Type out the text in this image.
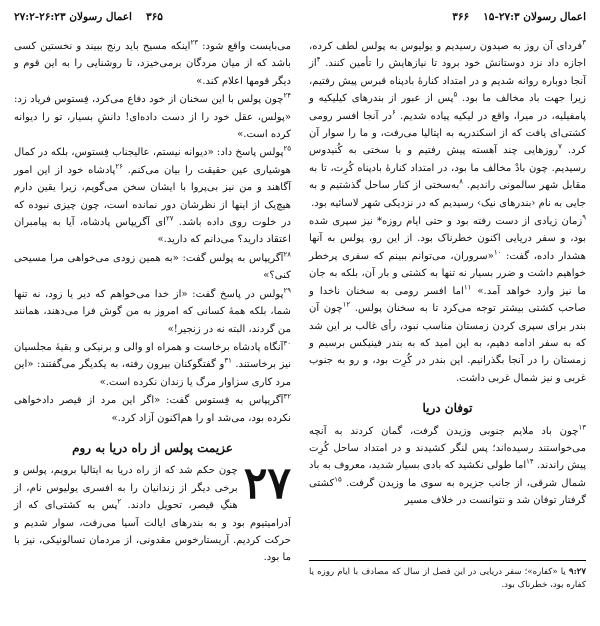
اعمال رسولان ۲۷:۳-۱۵
۳۶۶
۳۶۵
اعمال رسولان ۲۶:۲۳-۲۷:۲

$^۳$فردای آن روز به صیدون رسیدیم و یولیوس به پولس لطف کرده، اجازه داد نزد دوستانش خود برود تا نیازهایش را تأمین کنند. $^۴$از آنجا دوباره روانه شدیم و در امتداد کنارهٔ بادپناه قبرس پیش رفتیم، زیرا جهت باد مخالف ما بود. $^۵$پس از عبور از بندرهای کیلیکیه و پامفیلیه، در میرا، واقع در لیکیه پیاده شدیم. $^۶$در آنجا افسر رومی کشتی‌ای یافت که از اسکندریه به ایتالیا می‌رفت، و ما را سوار آن کرد. $^۷$روزهایی چند آهسته پیش رفتیم و با سختی به کُنیدوس رسیدیم. چون بادْ مخالف ما بود، در امتداد کنارهٔ بادپناه کُرِت، تا به مقابل شهر سالمونی راندیم. $^۸$به‌سختی از کنار ساحل گذشتیم و به جایی به نام ‹بندرهای نیک› رسیدیم که در نزدیکی شهر لاسائیه بود.

$^۹$زمان زیادی از دست رفته بود و حتی ایام روزه* نیز سپری شده بود، و سفر دریایی اکنون خطرناک بود. از این رو، پولس به آنها هشدار داده، گفت: $^{۱۰}$«سروران، می‌توانم ببینم که سفری پرخطر خواهیم داشت و ضرر بسیار نه تنها به کشتی و بار آن، بلکه به جان ما نیز وارد خواهد آمد.» $^{۱۱}$اما افسر رومی به سخنان ناخدا و صاحب کشتی بیشتر توجه می‌کرد تا به سخنان پولس. $^{۱۲}$چون آن بندر برای سپری کردن زمستان مناسب نبود، رأی غالب بر این شد که به سفر ادامه دهیم، به این امید که به بندر فینیکس برسیم و زمستان را در آنجا بگذرانیم. این بندر در کُرِت بود، و رو به جنوب غربی و نیز شمال غربی داشت.

توفان دریا

$^{۱۳}$چون باد ملایم جنوبی وزیدن گرفت، گمان کردند به آنچه می‌خواستند رسیده‌اند؛ پس لنگر کشیدند و در امتداد ساحل کُرِت پیش راندند. $^{۱۴}$اما طولی نکشید که بادی بسیار شدید، معروف به باد شمال شرقی، از جانب جزیره به سوی ما وزیدن گرفت. $^{۱۵}$کشتی گرفتار توفان شد و نتوانست در خلاف مسیر

می‌بایست واقع شود: $^{۲۳}$اینکه مسیح باید رنج ببیند و نخستین کسی باشد که از میان مردگان برمی‌خیزد، تا روشنایی را به این قوم و دیگر قومها اعلام کند.»

$^{۲۴}$چون پولس با این سخنان از خود دفاع می‌کرد، فِستوس فریاد زد: «پولس، عقل خود را از دست داده‌ای! دانشِ بسیار، تو را دیوانه کرده است.»

$^{۲۵}$پولس پاسخ داد: «دیوانه نیستم، عالیجناب فِستوس، بلکه در کمال هوشیاری عین حقیقت را بیان می‌کنم. $^{۲۶}$پادشاه خود از این امور آگاهند و من نیز بی‌پروا با ایشان سخن می‌گویم، زیرا یقین دارم هیچ‌یک از اینها از نظرشان دور نمانده است، چون چیزی نبوده که در خلوت روی داده باشد. $^{۲۷}$ای اَگریپاس پادشاه، آیا به پیامبران اعتقاد دارید؟ می‌دانم که دارید.»

$^{۲۸}$اَگریپاس به پولس گفت: «به همین زودی می‌خواهی مرا مسیحی کنی؟»

$^{۲۹}$پولس در پاسخ گفت: «از خدا می‌خواهم که دیر یا زود، نه تنها شما، بلکه همهٔ کسانی که امروز به من گوش فرا می‌دهند، همانند من گردند، البته نه در زنجیر!»

$^{۳۰}$آنگاه پادشاه برخاست و همراه او والی و برنیکی و بقیهٔ مجلسیان نیز برخاستند. $^{۳۱}$و گفتگوکنان بیرون رفته، به یکدیگر می‌گفتند: «این مرد کاری سزاوار مرگ یا زندان نکرده است.»

$^{۳۲}$اَگریپاس به فِستوس گفت: «اگر این مرد از قیصر دادخواهی نکرده بود، می‌شد او را هم‌اکنون آزاد کرد.»

عزیمت پولس از راه دریا به روم

۲۷
چون حکم شد که از راه دریا به ایتالیا برویم، پولس و برخی دیگر از زندانیان را به افسری یولیوس نام، از هنگِ قیصر، تحویل دادند. $^۲$پس به کشتی‌ای که از اَدرامیتیوم بود و به بندرهای ایالت آسیا می‌رفت، سوار شدیم و حرکت کردیم. آریستارخوس مقدونی، از مردمان تسالونیکی، نیز با ما بود.

۹:۲۷ یا «کفاره»؛ سفر دریایی در این فصل از سال که مصادف با ایام روزه یا کفاره بود، خطرناک بود.
